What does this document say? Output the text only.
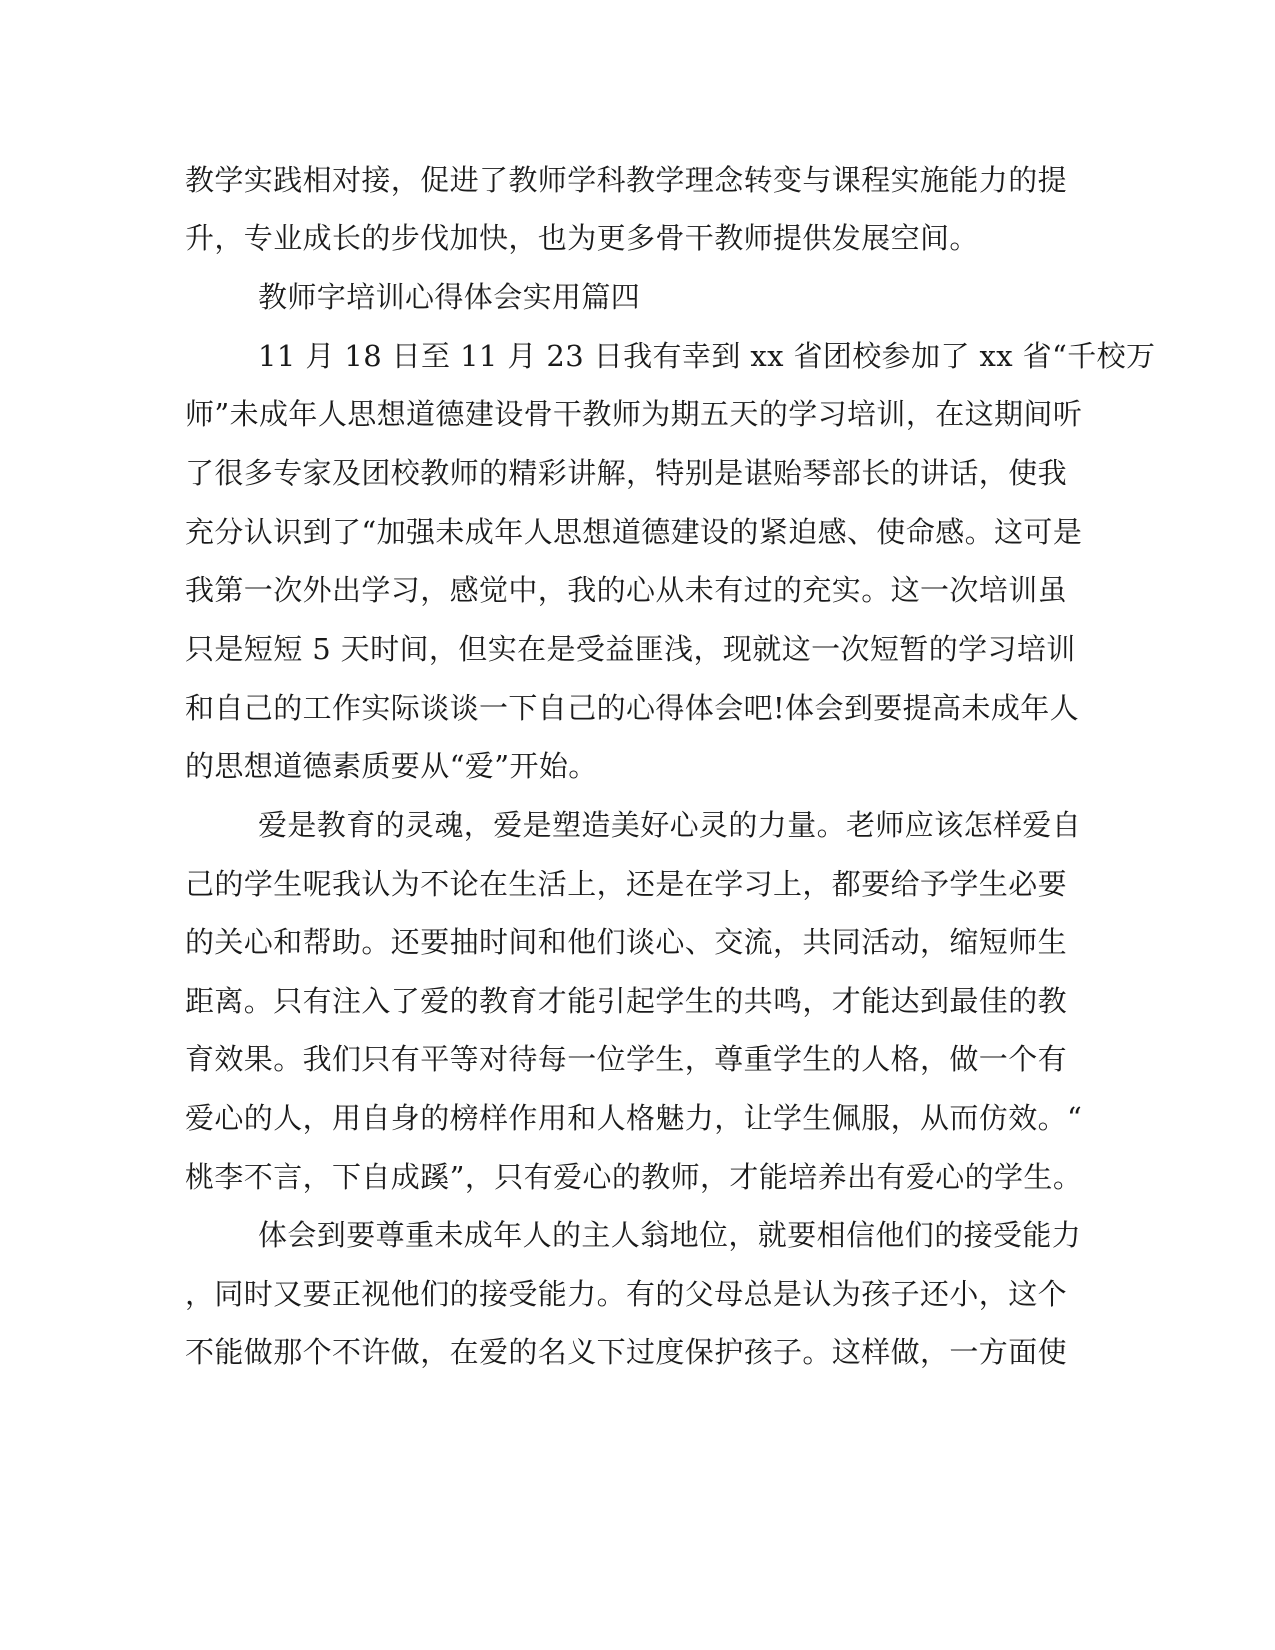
教学实践相对接，促进了教师学科教学理念转变与课程实施能力的提

升，专业成长的步伐加快，也为更多骨干教师提供发展空间。

教师字培训心得体会实用篇四

11 月 18 日至 11 月 23 日我有幸到 xx 省团校参加了 xx 省“千校万

师”未成年人思想道德建设骨干教师为期五天的学习培训，在这期间听

了很多专家及团校教师的精彩讲解，特别是谌贻琴部长的讲话，使我

充分认识到了“加强未成年人思想道德建设的紧迫感、使命感。这可是

我第一次外出学习，感觉中，我的心从未有过的充实。这一次培训虽

只是短短 5 天时间，但实在是受益匪浅，现就这一次短暂的学习培训

和自己的工作实际谈谈一下自己的心得体会吧!体会到要提高未成年人

的思想道德素质要从“爱”开始。

爱是教育的灵魂，爱是塑造美好心灵的力量。老师应该怎样爱自

己的学生呢我认为不论在生活上，还是在学习上，都要给予学生必要

的关心和帮助。还要抽时间和他们谈心、交流，共同活动，缩短师生

距离。只有注入了爱的教育才能引起学生的共鸣，才能达到最佳的教

育效果。我们只有平等对待每一位学生，尊重学生的人格，做一个有

爱心的人，用自身的榜样作用和人格魅力，让学生佩服，从而仿效。“

桃李不言，下自成蹊”，只有爱心的教师，才能培养出有爱心的学生。

体会到要尊重未成年人的主人翁地位，就要相信他们的接受能力

，同时又要正视他们的接受能力。有的父母总是认为孩子还小，这个

不能做那个不许做，在爱的名义下过度保护孩子。这样做，一方面使
